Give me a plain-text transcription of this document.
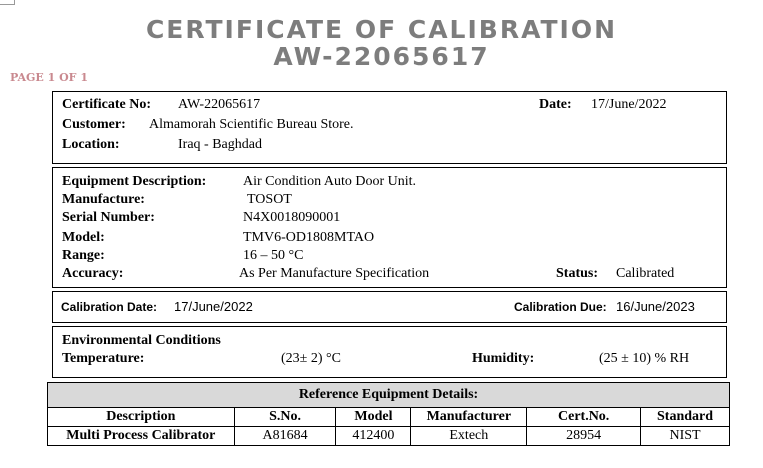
CERTIFICATE OF CALIBRATION
AW-22065617
PAGE 1 OF 1
Certificate No: AW-22065617	Date: 17/June/2022
Customer: Almamorah Scientific Bureau Store.
Location:	Iraq - Baghdad
Equipment Description:	Air Condition Auto Door Unit.
Manufacture:	TOSOT
Serial Number:	N4X0018090001
Model:	TMV6-OD1808MTAO
Range:	16 – 50 °C
Accuracy:	As Per Manufacture Specification	Status: Calibrated
Calibration Date: 17/June/2022	Calibration Due: 16/June/2023
Environmental Conditions
Temperature:	(23± 2) °C	Humidity:	(25 ± 10) % RH
Reference Equipment Details:					
Description	S.No.	Model	Manufacturer	Cert.No.	Standard
Multi Process Calibrator	A81684	412400	Extech	28954	NIST
